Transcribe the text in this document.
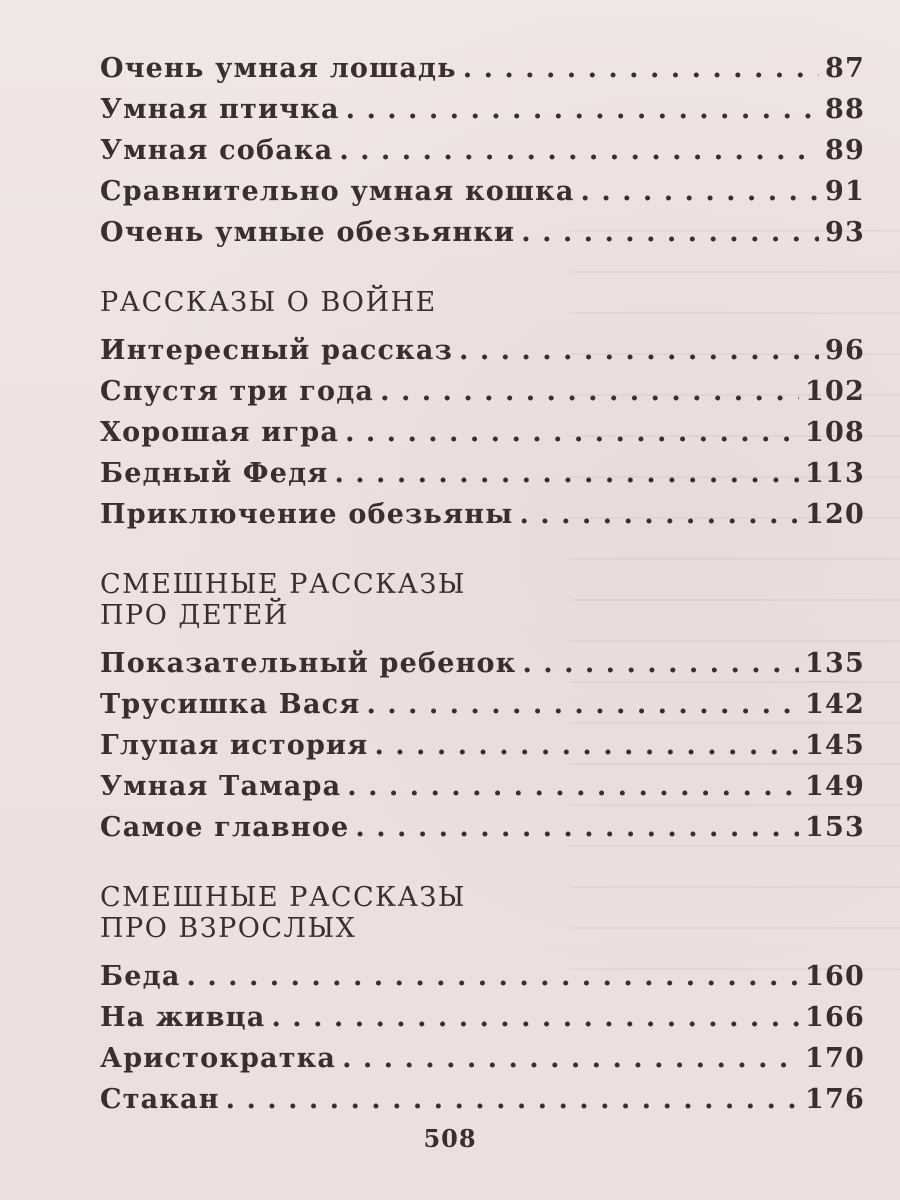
Очень умная лошадь . . .	87
Умная птичка . . .	88
Умная собака . . .	89
Сравнительно умная кошка . . .	91
Очень умные обезьянки . . .	93
РАССКАЗЫ О ВОЙНЕ
Интересный рассказ . . .	96
Спустя три года . . .	102
Хорошая игра . . .	108
Бедный Федя . . .	113
Приключение обезьяны . . .	120
СМЕШНЫЕ РАССКАЗЫ
ПРО ДЕТЕЙ
Показательный ребенок . . .	135
Трусишка Вася . . .	142
Глупая история . . .	145
Умная Тамара . . .	149
Самое главное . . .	153
СМЕШНЫЕ РАССКАЗЫ
ПРО ВЗРОСЛЫХ
Беда . . .	160
На живца . . .	166
Аристократка . . .	170
Стакан . . .	176
508
